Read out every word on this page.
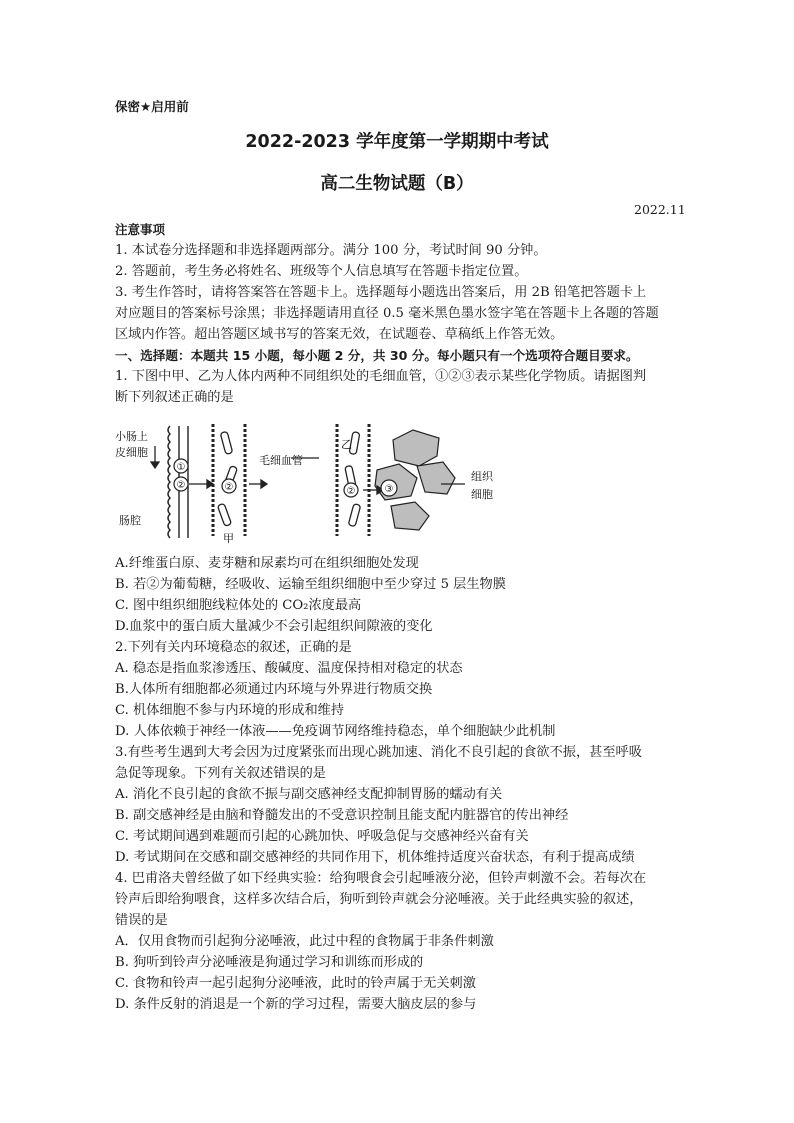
保密★启用前
2022-2023 学年度第一学期期中考试
高二生物试题（B）
2022.11
注意事项
1. 本试卷分选择题和非选择题两部分。满分 100 分，考试时间 90 分钟。
2. 答题前，考生务必将姓名、班级等个人信息填写在答题卡指定位置。
3. 考生作答时，请将答案答在答题卡上。选择题每小题选出答案后，用 2B 铅笔把答题卡上
对应题目的答案标号涂黑；非选择题请用直径 0.5 毫米黑色墨水签字笔在答题卡上各题的答题
区域内作答。超出答题区域书写的答案无效，在试题卷、草稿纸上作答无效。
一、选择题：本题共 15 小题，每小题 2 分，共 30 分。每小题只有一个选项符合题目要求。
1. 下图中甲、乙为人体内两种不同组织处的毛细血管，①②③表示某些化学物质。请据图判
断下列叙述正确的是
小肠上
皮细胞
肠腔
甲
毛细血管
乙
组织
细胞
①
②	②	②	③
A.纤维蛋白原、麦芽糖和尿素均可在组织细胞处发现
B. 若②为葡萄糖，经吸收、运输至组织细胞中至少穿过 5 层生物膜
C. 图中组织细胞线粒体处的 CO₂浓度最高
D.血浆中的蛋白质大量减少不会引起组织间隙液的变化
2.下列有关内环境稳态的叙述，正确的是
A. 稳态是指血浆渗透压、酸碱度、温度保持相对稳定的状态
B.人体所有细胞都必须通过内环境与外界进行物质交换
C. 机体细胞不参与内环境的形成和维持
D. 人体依赖于神经一体液——免疫调节网络维持稳态，单个细胞缺少此机制
3.有些考生遇到大考会因为过度紧张而出现心跳加速、消化不良引起的食欲不振，甚至呼吸
急促等现象。下列有关叙述错误的是
A. 消化不良引起的食欲不振与副交感神经支配抑制胃肠的蠕动有关
B. 副交感神经是由脑和脊髓发出的不受意识控制且能支配内脏器官的传出神经
C. 考试期间遇到难题而引起的心跳加快、呼吸急促与交感神经兴奋有关
D. 考试期间在交感和副交感神经的共同作用下，机体维持适度兴奋状态，有利于提高成绩
4. 巴甫洛夫曾经做了如下经典实验：给狗喂食会引起唾液分泌，但铃声刺激不会。若每次在
铃声后即给狗喂食，这样多次结合后，狗听到铃声就会分泌唾液。关于此经典实验的叙述，
错误的是
A．仅用食物而引起狗分泌唾液，此过中程的食物属于非条件刺激
B. 狗听到铃声分泌唾液是狗通过学习和训练而形成的
C. 食物和铃声一起引起狗分泌唾液，此时的铃声属于无关刺激
D. 条件反射的消退是一个新的学习过程，需要大脑皮层的参与
